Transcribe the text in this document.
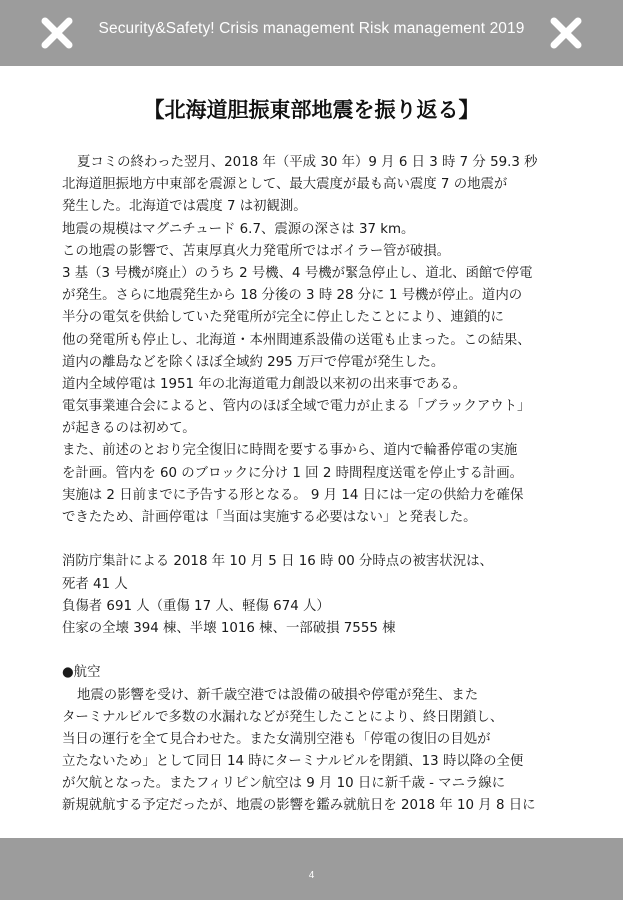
Security&Safety! Crisis management Risk management 2019
【北海道胆振東部地震を振り返る】
夏コミの終わった翌月、2018 年（平成 30 年）9 月 6 日 3 時 7 分 59.3 秒
北海道胆振地方中東部を震源として、最大震度が最も高い震度 7 の地震が
発生した。北海道では震度 7 は初観測。
地震の規模はマグニチュード 6.7、震源の深さは 37 km。
この地震の影響で、苫東厚真火力発電所ではボイラー管が破損。
3 基（3 号機が廃止）のうち 2 号機、4 号機が緊急停止し、道北、函館で停電
が発生。さらに地震発生から 18 分後の 3 時 28 分に 1 号機が停止。道内の
半分の電気を供給していた発電所が完全に停止したことにより、連鎖的に
他の発電所も停止し、北海道・本州間連系設備の送電も止まった。この結果、
道内の離島などを除くほぼ全域約 295 万戸で停電が発生した。
道内全域停電は 1951 年の北海道電力創設以来初の出来事である。
電気事業連合会によると、管内のほぼ全域で電力が止まる「ブラックアウト」
が起きるのは初めて。
また、前述のとおり完全復旧に時間を要する事から、道内で輪番停電の実施
を計画。管内を 60 のブロックに分け 1 回 2 時間程度送電を停止する計画。
実施は 2 日前までに予告する形となる。 9 月 14 日には一定の供給力を確保
できたため、計画停電は「当面は実施する必要はない」と発表した。
消防庁集計による 2018 年 10 月 5 日 16 時 00 分時点の被害状況は、
死者 41 人
負傷者 691 人（重傷 17 人、軽傷 674 人）
住家の全壊 394 棟、半壊 1016 棟、一部破損 7555 棟
●航空
地震の影響を受け、新千歳空港では設備の破損や停電が発生、また
ターミナルビルで多数の水漏れなどが発生したことにより、終日閉鎖し、
当日の運行を全て見合わせた。また女満別空港も「停電の復旧の目処が
立たないため」として同日 14 時にターミナルビルを閉鎖、13 時以降の全便
が欠航となった。またフィリピン航空は 9 月 10 日に新千歳 - マニラ線に
新規就航する予定だったが、地震の影響を鑑み就航日を 2018 年 10 月 8 日に
4
